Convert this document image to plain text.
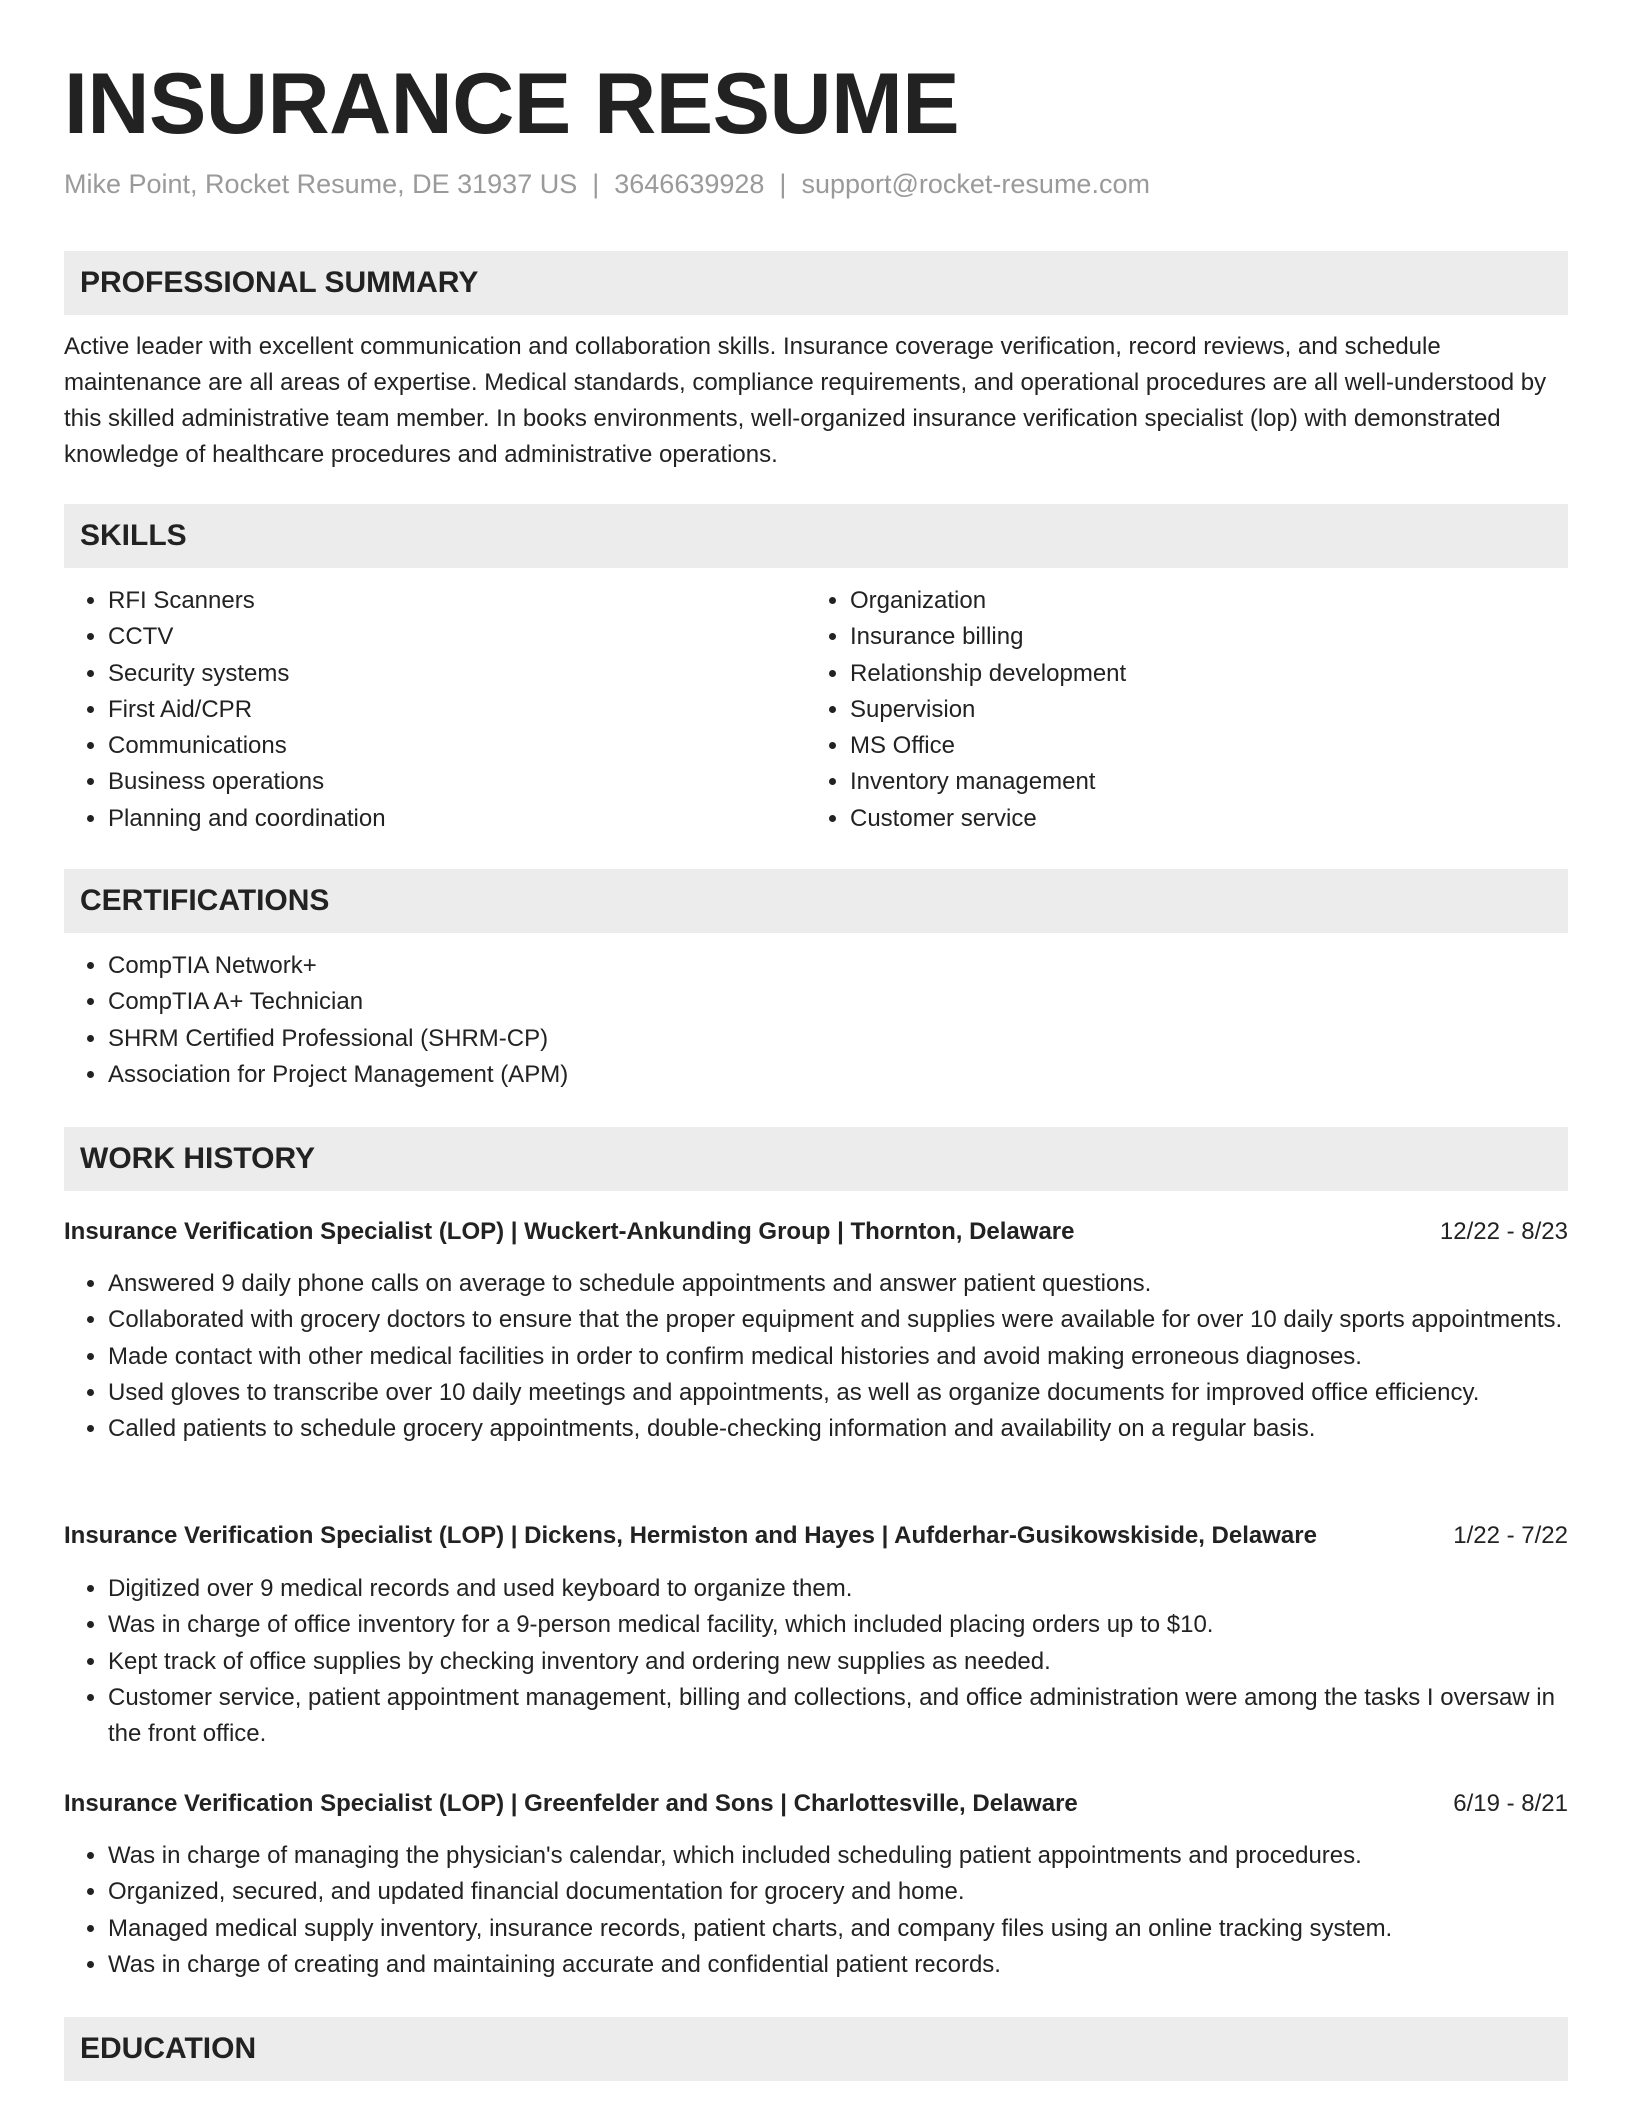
INSURANCE RESUME
Mike Point, Rocket Resume, DE 31937 US | 3646639928 | support@rocket-resume.com
PROFESSIONAL SUMMARY

Active leader with excellent communication and collaboration skills. Insurance coverage verification, record reviews, and schedule maintenance are all areas of expertise. Medical standards, compliance requirements, and operational procedures are all well-understood by this skilled administrative team member. In books environments, well-organized insurance verification specialist (lop) with demonstrated knowledge of healthcare procedures and administrative operations.

SKILLS
• RFI Scanners
• CCTV
• Security systems
• First Aid/CPR
• Communications
• Business operations
• Planning and coordination
• Organization
• Insurance billing
• Relationship development
• Supervision
• MS Office
• Inventory management
• Customer service
CERTIFICATIONS
• CompTIA Network+
• CompTIA A+ Technician
• SHRM Certified Professional (SHRM-CP)
• Association for Project Management (APM)
WORK HISTORY
Insurance Verification Specialist (LOP) | Wuckert-Ankunding Group | Thornton, Delaware	12/22 - 8/23
• Answered 9 daily phone calls on average to schedule appointments and answer patient questions.
• Collaborated with grocery doctors to ensure that the proper equipment and supplies were available for over 10 daily sports appointments.
• Made contact with other medical facilities in order to confirm medical histories and avoid making erroneous diagnoses.
• Used gloves to transcribe over 10 daily meetings and appointments, as well as organize documents for improved office efficiency.
• Called patients to schedule grocery appointments, double-checking information and availability on a regular basis.
Insurance Verification Specialist (LOP) | Dickens, Hermiston and Hayes | Aufderhar-Gusikowskiside, Delaware	1/22 - 7/22
• Digitized over 9 medical records and used keyboard to organize them.
• Was in charge of office inventory for a 9-person medical facility, which included placing orders up to $10.
• Kept track of office supplies by checking inventory and ordering new supplies as needed.
• Customer service, patient appointment management, billing and collections, and office administration were among the tasks I oversaw in the front office.
Insurance Verification Specialist (LOP) | Greenfelder and Sons | Charlottesville, Delaware	6/19 - 8/21
• Was in charge of managing the physician's calendar, which included scheduling patient appointments and procedures.
• Organized, secured, and updated financial documentation for grocery and home.
• Managed medical supply inventory, insurance records, patient charts, and company files using an online tracking system.
• Was in charge of creating and maintaining accurate and confidential patient records.
EDUCATION
